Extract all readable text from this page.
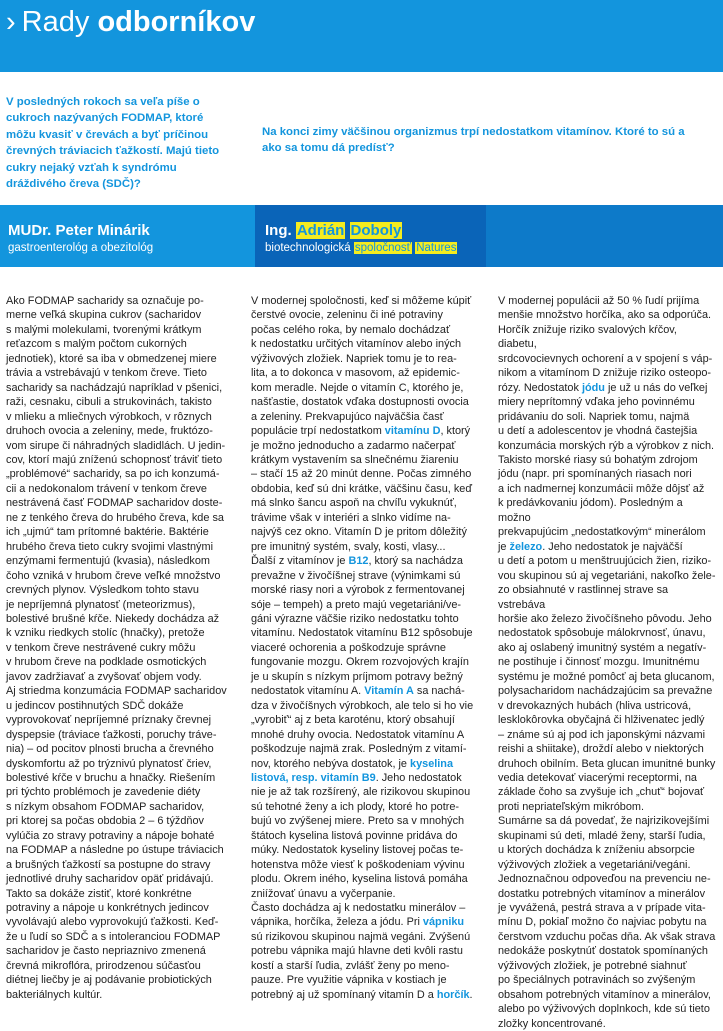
› Rady odborníkov
V posledných rokoch sa veľa píše o cukroch nazývaných FODMAP, ktoré môžu kvasiť v črevách a byť príčinou črevných tráviacich ťažkostí. Majú tieto cukry nejaký vzťah k syndrómu dráždivého čreva (SDČ)?
Na konci zimy väčšinou organizmus trpí nedostatkom vitamínov. Ktoré to sú a ako sa tomu dá predísť?
MUDr. Peter Minárik
gastroenterológ a obezitológ
Ing. Adrián Doboly
biotechnologická spoločnosť Natures

Ako FODMAP sacharidy sa označuje po-
merne veľká skupina cukrov (sacharidov
s malými molekulami, tvorenými krátkym
reťazcom s malým počtom cukorných
jednotiek), ktoré sa iba v obmedzenej miere
trávia a vstrebávajú v tenkom čreve. Tieto
sacharidy sa nachádzajú napríklad v pšenici,
raži, cesnaku, cibuli a strukovinách, takisto
v mlieku a mliečnych výrobkoch, v rôznych
druhoch ovocia a zeleniny, mede, fruktózo-
vom sirupe či náhradných sladidlách. U jedin-
cov, ktorí majú zníženú schopnosť tráviť tieto
„problémové“ sacharidy, sa po ich konzumá-
cii a nedokonalom trávení v tenkom čreve
nestrávená časť FODMAP sacharidov doste-
ne z tenkého čreva do hrubého čreva, kde sa
ich „ujmú“ tam prítomné baktérie. Baktérie
hrubého čreva tieto cukry svojimi vlastnými
enzýmami fermentujú (kvasia), následkom
čoho vzniká v hrubom čreve veľké množstvo
crevných plynov. Výsledkom tohto stavu
je nepríjemná plynatosť (meteorizmus),
bolestivé brušné kŕče. Niekedy dochádza až
k vzniku riedkych stolíc (hnačky), pretože
v tenkom čreve nestrávené cukry môžu
v hrubom čreve na podklade osmotických
javov zadržiavať a zvyšovať objem vody.
Aj striedma konzumácia FODMAP sacharidov
u jedincov postihnutých SDČ dokáže
vyprovokovať nepríjemné príznaky črevnej
dyspepsie (tráviace ťažkosti, poruchy tráve-
nia) – od pocitov plnosti brucha a črevného
dyskomfortu až po trýznivú plynatosť čriev,
bolestivé kŕče v bruchu a hnačky. Riešením
pri týchto problémoch je zavedenie diéty
s nízkym obsahom FODMAP sacharidov,
pri ktorej sa počas obdobia 2 – 6 týždňov
vylúčia zo stravy potraviny a nápoje bohaté
na FODMAP a následne po ústupe tráviacich
a brušných ťažkostí sa postupne do stravy
jednotlivé druhy sacharidov opäť pridávajú.
Takto sa dokáže zistiť, ktoré konkrétne
potraviny a nápoje u konkrétnych jedincov
vyvolávajú alebo vyprovokujú ťažkosti. Keď-
že u ľudí so SDČ a s intoleranciou FODMAP
sacharidov je často nepriaznivo zmenená
črevná mikroflóra, prirodzenou súčasťou
diétnej liečby je aj podávanie probiotických
bakteriálnych kultúr.

V modernej spoločnosti, keď si môžeme kúpiť
čerstvé ovocie, zeleninu či iné potraviny
počas celého roka, by nemalo dochádzať
k nedostatku určitých vitamínov alebo iných
výživových zložiek. Napriek tomu je to rea-
lita, a to dokonca v masovom, až epidemic-
kom meradle. Nejde o vitamín C, ktorého je,
našťastie, dostatok vďaka dostupnosti ovocia
a zeleniny. Prekvapujúco najväčšia časť
populácie trpí nedostatkom vitamínu D, ktorý
je možno jednoducho a zadarmo načerpať
krátkym vystavením sa slnečnému žiareniu
– stačí 15 až 20 minút denne. Počas zimného
obdobia, keď sú dni krátke, väčšinu času, keď
má slnko šancu aspoň na chvíľu vykuknúť,
trávime však v interiéri a slnko vidíme na-
najvýš cez okno. Vitamín D je pritom dôležitý
pre imunitný systém, svaly, kosti, vlasy...
Ďalší z vitamínov je B12, ktorý sa nachádza
prevažne v živočíšnej strave (výnimkami sú
morské riasy nori a výrobok z fermentovanej
sóje – tempeh) a preto majú vegetariáni/ve-
gáni výrazne väčšie riziko nedostatku tohto
vitamínu. Nedostatok vitamínu B12 spôsobuje
viaceré ochorenia a poškodzuje správne
fungovanie mozgu. Okrem rozvojových krajín
je u skupín s nízkym príjmom potravy bežný
nedostatok vitamínu A. Vitamín A sa nachá-
dza v živočíšnych výrobkoch, ale telo si ho vie
„vyrobiť“ aj z beta karoténu, ktorý obsahují
mnohé druhy ovocia. Nedostatok vitamínu A
poškodzuje najmä zrak. Posledným z vitamí-
nov, ktorého nebýva dostatok, je kyselina
listová, resp. vitamín B9. Jeho nedostatok
nie je až tak rozšírený, ale rizikovou skupinou
sú tehotné ženy a ich plody, ktoré ho potre-
bujú vo zvýšenej miere. Preto sa v mnohých
štátoch kyselina listová povinne pridáva do
múky. Nedostatok kyseliny listovej počas te-
hotenstva môže viesť k poškodeniam vývinu
plodu. Okrem iného, kyselina listová pomáha
zniížovať únavu a vyčerpanie.
Často dochádza aj k nedostatku minerálov –
vápnika, horčíka, železa a jódu. Pri vápniku
sú rizikovou skupinou najmä vegáni. Zvýšenú
potrebu vápnika majú hlavne deti kvôli rastu
kostí a starší ľudia, zvlášť ženy po meno-
pauze. Pre využitie vápnika v kostiach je
potrebný aj už spomínaný vitamín D a horčík.

V modernej populácii až 50 % ľudí prijíma
menšie množstvo horčíka, ako sa odporúča.
Horčík znižuje riziko svalových kŕčov, diabetu,
srdcovocievnych ochorení a v spojení s váp-
nikom a vitamínom D znižuje riziko osteopo-
rózy. Nedostatok jódu je už u nás do veľkej
miery neprítomný vďaka jeho povinnému
pridávaniu do soli. Napriek tomu, najmä
u detí a adolescentov je vhodná častejšia
konzumácia morských rýb a výrobkov z nich.
Takisto morské riasy sú bohatým zdrojom
jódu (napr. pri spomínaných riasach nori
a ich nadmernej konzumácii môže dôjsť až
k predávkovaniu jódom). Posledným a možno
prekvapujúcim „nedostatkovým“ minerálom
je železo. Jeho nedostatok je najväčší
u detí a potom u menštruujúcich žien, riziko-
vou skupinou sú aj vegetariáni, nakoľko želе-
zo obsiahnuté v rastlinnej strave sa vstrebáva
horšie ako železo živočíšneho pôvodu. Jeho
nedostatok spôsobuje málokrvnosť, únavu,
ako aj oslabený imunitný systém a negatív-
ne postihuje i činnosť mozgu. Imunitnému
systému je možné pomôcť aj beta glucanom,
polysacharidom nachádzajúcim sa prevažne
v drevokazných hubách (hliva ustricová,
lesklokôrovka obyčajná či hlživenatec jedlý
– známe sú aj pod ich japonskými názvami
reishi a shiitake), droždí alebo v niektorých
druhoch obilním. Beta glucan imunitné bunky
vedia detekovať viacerými receptormi, na
základe čoho sa zvyšuje ich „chuť“ bojovať
proti nepriateľským mikróbom.
Sumárne sa dá povedať, že najrizikovejšími
skupinami sú deti, mladé ženy, starší ľudia,
u ktorých dochádza k zníženiu absorpcie
výživových zložiek a vegetariáni/vegáni.
Jednoznačnou odpoveďou na prevenciu ne-
dostatku potrebných vitamínov a minerálov
je vyvážená, pestrá strava a v prípade vita-
mínu D, pokiaľ možno čo najviac pobytu na
čerstvom vzduchu počas dňa. Ak však strava
nedokáže poskytnúť dostatok spomínaných
výživových zložiek, je potrebné siahnuť
po špeciálnych potravinách so zvýšeným
obsahom potrebných vitamínov a minerálov,
alebo po výživových doplnkoch, kde sú tieto
zložky koncentrované.
